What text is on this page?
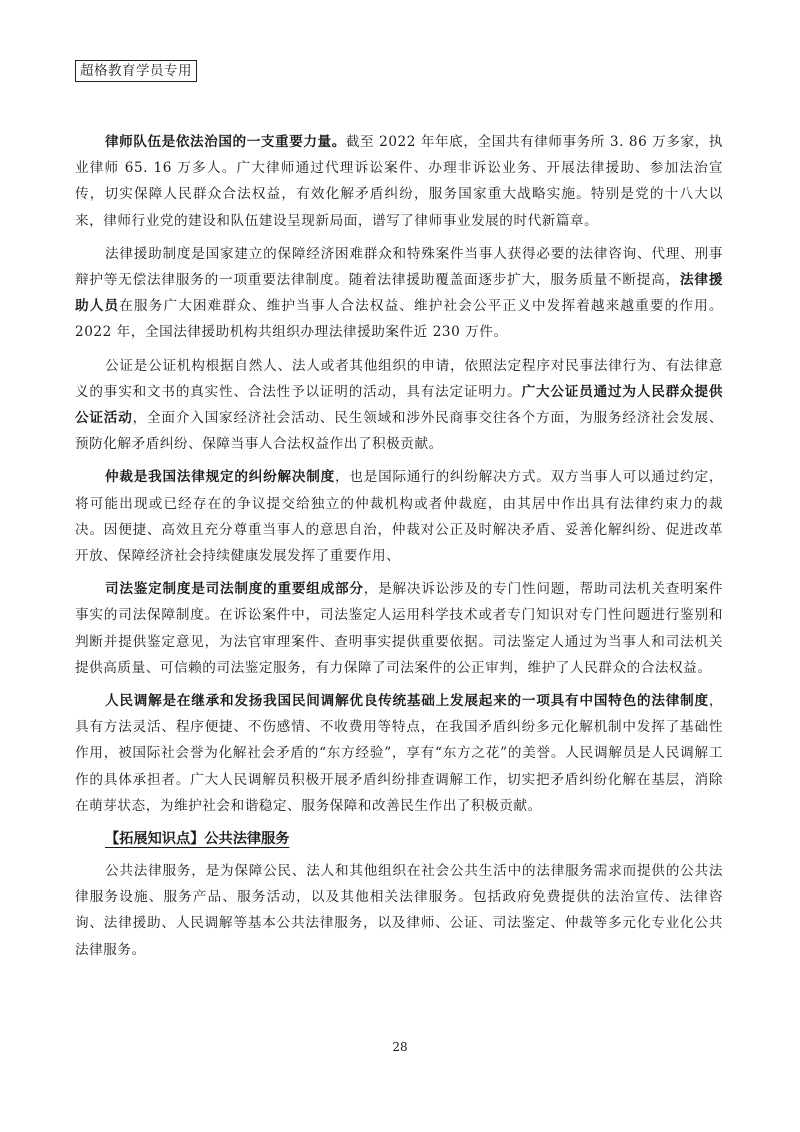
超格教育学员专用

律师队伍是依法治国的一支重要力量。截至 2022 年年底，全国共有律师事务所 3. 86 万多家，执业律师 65. 16 万多人。广大律师通过代理诉讼案件、办理非诉讼业务、开展法律援助、参加法治宣传，切实保障人民群众合法权益，有效化解矛盾纠纷，服务国家重大战略实施。特别是党的十八大以来，律师行业党的建设和队伍建设呈现新局面，谱写了律师事业发展的时代新篇章。

法律援助制度是国家建立的保障经济困难群众和特殊案件当事人获得必要的法律咨询、代理、刑事辩护等无偿法律服务的一项重要法律制度。随着法律援助覆盖面逐步扩大，服务质量不断提高，法律援助人员在服务广大困难群众、维护当事人合法权益、维护社会公平正义中发挥着越来越重要的作用。2022 年，全国法律援助机构共组织办理法律援助案件近 230 万件。

公证是公证机构根据自然人、法人或者其他组织的申请，依照法定程序对民事法律行为、有法律意义的事实和文书的真实性、合法性予以证明的活动，具有法定证明力。广大公证员通过为人民群众提供公证活动，全面介入国家经济社会活动、民生领域和涉外民商事交往各个方面，为服务经济社会发展、预防化解矛盾纠纷、保障当事人合法权益作出了积极贡献。

仲裁是我国法律规定的纠纷解决制度，也是国际通行的纠纷解决方式。双方当事人可以通过约定，将可能出现或已经存在的争议提交给独立的仲裁机构或者仲裁庭，由其居中作出具有法律约束力的裁决。因便捷、高效且充分尊重当事人的意思自治，仲裁对公正及时解决矛盾、妥善化解纠纷、促进改革开放、保障经济社会持续健康发展发挥了重要作用、

司法鉴定制度是司法制度的重要组成部分，是解决诉讼涉及的专门性问题，帮助司法机关查明案件事实的司法保障制度。在诉讼案件中，司法鉴定人运用科学技术或者专门知识对专门性问题进行鉴别和判断并提供鉴定意见，为法官审理案件、查明事实提供重要依据。司法鉴定人通过为当事人和司法机关提供高质量、可信赖的司法鉴定服务，有力保障了司法案件的公正审判，维护了人民群众的合法权益。

人民调解是在继承和发扬我国民间调解优良传统基础上发展起来的一项具有中国特色的法律制度，具有方法灵活、程序便捷、不伤感情、不收费用等特点，在我国矛盾纠纷多元化解机制中发挥了基础性作用，被国际社会誉为化解社会矛盾的“东方经验”，享有“东方之花”的美誉。人民调解员是人民调解工作的具体承担者。广大人民调解员积极开展矛盾纠纷排查调解工作，切实把矛盾纠纷化解在基层，消除在萌芽状态，为维护社会和谐稳定、服务保障和改善民生作出了积极贡献。

【拓展知识点】公共法律服务

公共法律服务，是为保障公民、法人和其他组织在社会公共生活中的法律服务需求而提供的公共法律服务设施、服务产品、服务活动，以及其他相关法律服务。包括政府免费提供的法治宣传、法律咨询、法律援助、人民调解等基本公共法律服务，以及律师、公证、司法鉴定、仲裁等多元化专业化公共法律服务。

28
